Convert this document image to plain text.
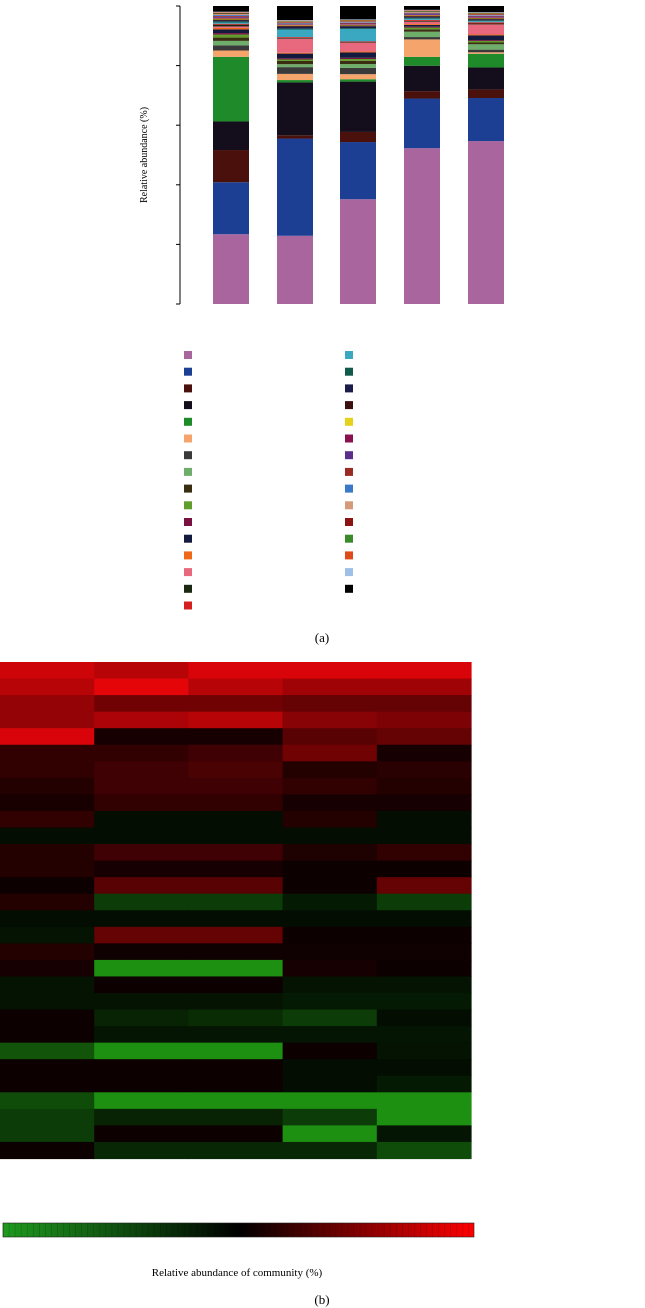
Relative abundance (%)
(a)
Relative abundance of community (%)
(b)
